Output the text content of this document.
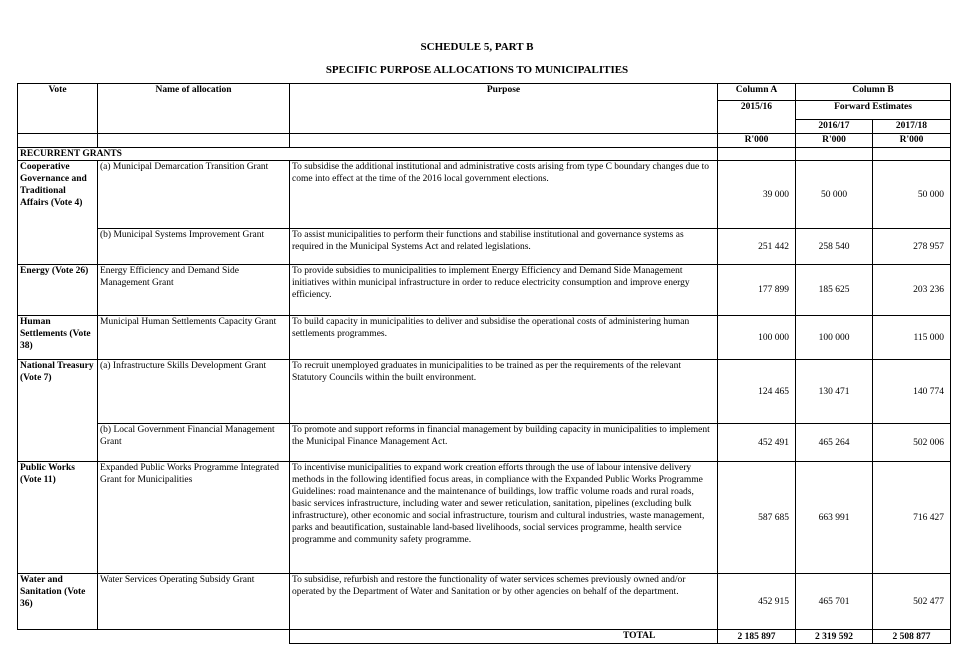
SCHEDULE 5, PART B
SPECIFIC PURPOSE ALLOCATIONS TO MUNICIPALITIES
Vote	Name of allocation	Purpose	Column A	Column B	
			2015/16	Forward Estimates	
				2016/17	2017/18
			R'000	R'000	R'000
RECURRENT GRANTS					
Cooperative Governance and Traditional Affairs (Vote 4)	(a) Municipal Demarcation Transition Grant	To subsidise the additional institutional and administrative costs arising from type C boundary changes due to come into effect at the time of the 2016 local government elections.	39 000	50 000	50 000
	(b) Municipal Systems Improvement Grant	To assist municipalities to perform their functions and stabilise institutional and governance systems as required in the Municipal Systems Act and related legislations.	251 442	258 540	278 957
Energy (Vote 26)	Energy Efficiency and Demand Side Management Grant	To provide subsidies to municipalities to implement Energy Efficiency and Demand Side Management initiatives within municipal infrastructure in order to reduce electricity consumption and improve energy efficiency.	177 899	185 625	203 236
Human Settlements (Vote 38)	Municipal Human Settlements Capacity Grant	To build capacity in municipalities to deliver and subsidise the operational costs of administering human settlements programmes.	100 000	100 000	115 000
National Treasury (Vote 7)	(a) Infrastructure Skills Development Grant	To recruit unemployed graduates in municipalities to be trained as per the requirements of the relevant Statutory Councils within the built environment.	124 465	130 471	140 774
	(b) Local Government Financial Management Grant	To promote and support reforms in financial management by building capacity in municipalities to implement the Municipal Finance Management Act.	452 491	465 264	502 006
Public Works (Vote 11)	Expanded Public Works Programme Integrated Grant for Municipalities	To incentivise municipalities to expand work creation efforts through the use of labour intensive delivery methods in the following identified focus areas, in compliance with the Expanded Public Works Programme Guidelines: road maintenance and the maintenance of buildings, low traffic volume roads and rural roads, basic services infrastructure, including water and sewer reticulation, sanitation, pipelines (excluding bulk infrastructure), other economic and social infrastructure, tourism and cultural industries, waste management, parks and beautification, sustainable land-based livelihoods, social services programme, health service programme and community safety programme.	587 685	663 991	716 427
Water and Sanitation (Vote 36)	Water Services Operating Subsidy Grant	To subsidise, refurbish and restore the functionality of water services schemes previously owned and/or operated by the Department of Water and Sanitation or by other agencies on behalf of the department.	452 915	465 701	502 477
		TOTAL	2 185 897	2 319 592	2 508 877
